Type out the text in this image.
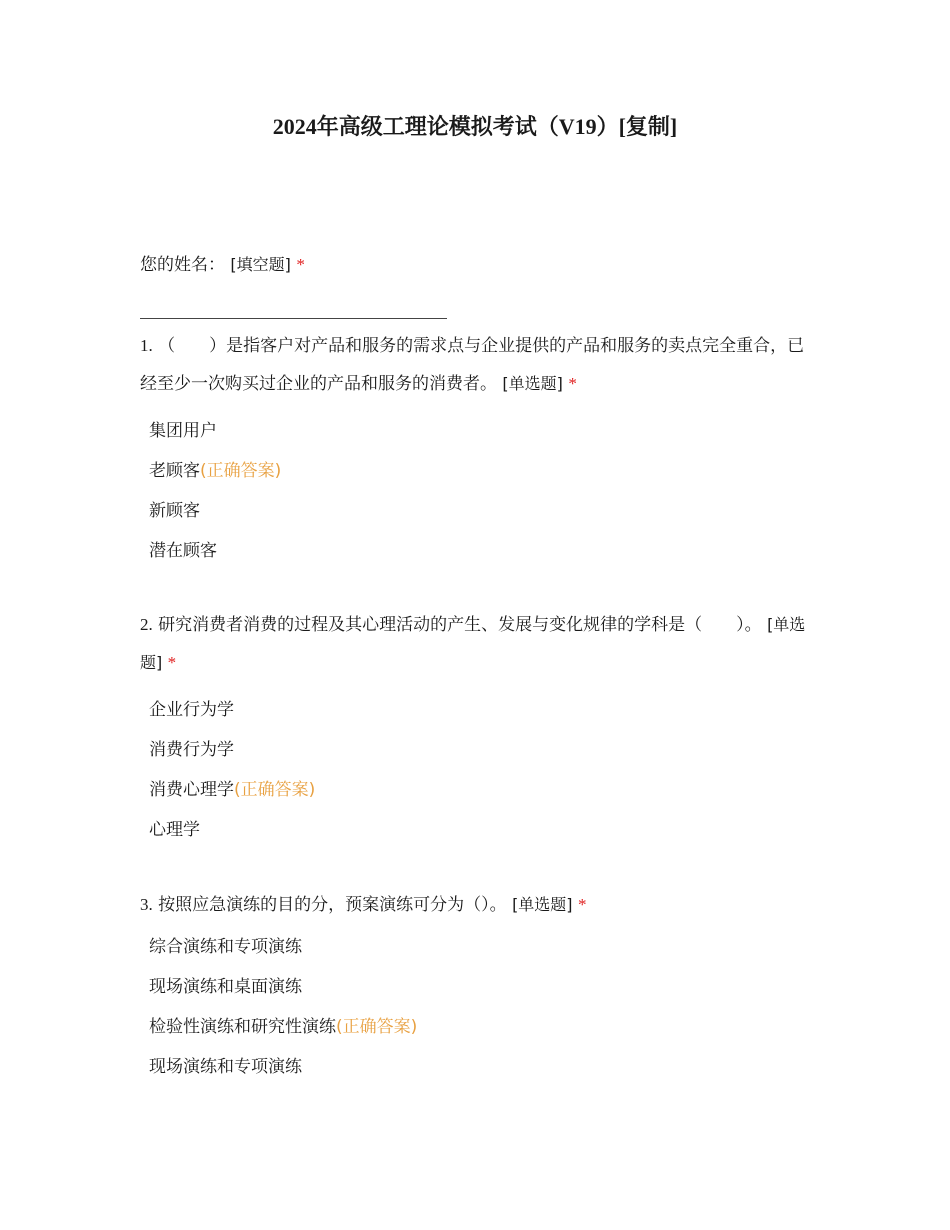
2024年高级工理论模拟考试（V19）[复制]

您的姓名： [填空题] *

1. （　　）是指客户对产品和服务的需求点与企业提供的产品和服务的卖点完全重合，已经至少一次购买过企业的产品和服务的消费者。 [单选题] *

集团用户
老顾客(正确答案)
新顾客
潜在顾客

2. 研究消费者消费的过程及其心理活动的产生、发展与变化规律的学科是（　　）。 [单选题] *

企业行为学
消费行为学
消费心理学(正确答案)
心理学

3. 按照应急演练的目的分，预案演练可分为（）。 [单选题] *

综合演练和专项演练
现场演练和桌面演练
检验性演练和研究性演练(正确答案)
现场演练和专项演练
